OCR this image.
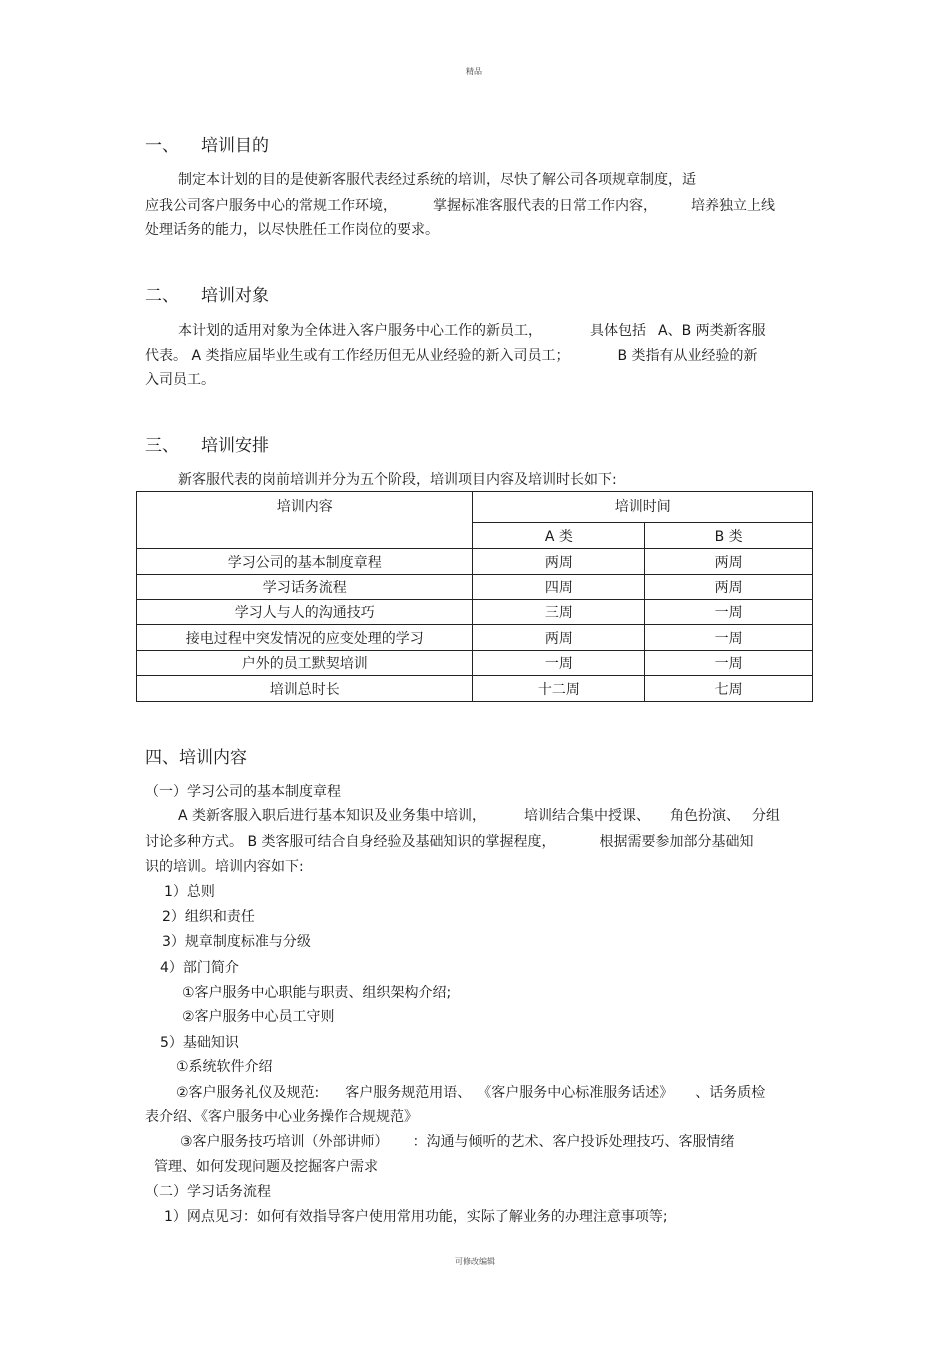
精品
可修改编辑
一、 培训目的
制定本计划的目的是使新客服代表经过系统的培训，尽快了解公司各项规章制度，适
应我公司客户服务中心的常规工作环境，	掌握标准客服代表的日常工作内容， 培养独立上线
处理话务的能力，以尽快胜任工作岗位的要求。
二、 培训对象
本计划的适用对象为全体进入客户服务中心工作的新员工，	具体包括 A、B 两类新客服
代表。 A 类指应届毕业生或有工作经历但无从业经验的新入司员工；	B 类指有从业经验的新
入司员工。
三、 培训安排
新客服代表的岗前培训并分为五个阶段，培训项目内容及培训时长如下:
培训内容	培训时间	
	A 类	B 类
学习公司的基本制度章程	两周	两周
学习话务流程	四周	两周
学习人与人的沟通技巧	三周	一周
接电过程中突发情况的应变处理的学习	两周	一周
户外的员工默契培训	一周	一周
培训总时长	十二周	七周
四、培训内容
（一）学习公司的基本制度章程
A 类新客服入职后进行基本知识及业务集中培训，	培训结合集中授课、 角色扮演、 分组
讨论多种方式。 B 类客服可结合自身经验及基础知识的掌握程度，	根据需要参加部分基础知
识的培训。培训内容如下:
1）总则
2）组织和责任
3）规章制度标准与分级
4）部门简介
①客户服务中心职能与职责、组织架构介绍;
②客户服务中心员工守则
5）基础知识
①系统软件介绍
②客户服务礼仪及规范: 客户服务规范用语、 《客户服务中心标准服务话述》 、话务质检
表介绍、《客户服务中心业务操作合规规范》
③客户服务技巧培训（外部讲师） ：沟通与倾听的艺术、客户投诉处理技巧、客服情绪
管理、如何发现问题及挖掘客户需求
（二）学习话务流程
1）网点见习：如何有效指导客户使用常用功能，实际了解业务的办理注意事项等;
